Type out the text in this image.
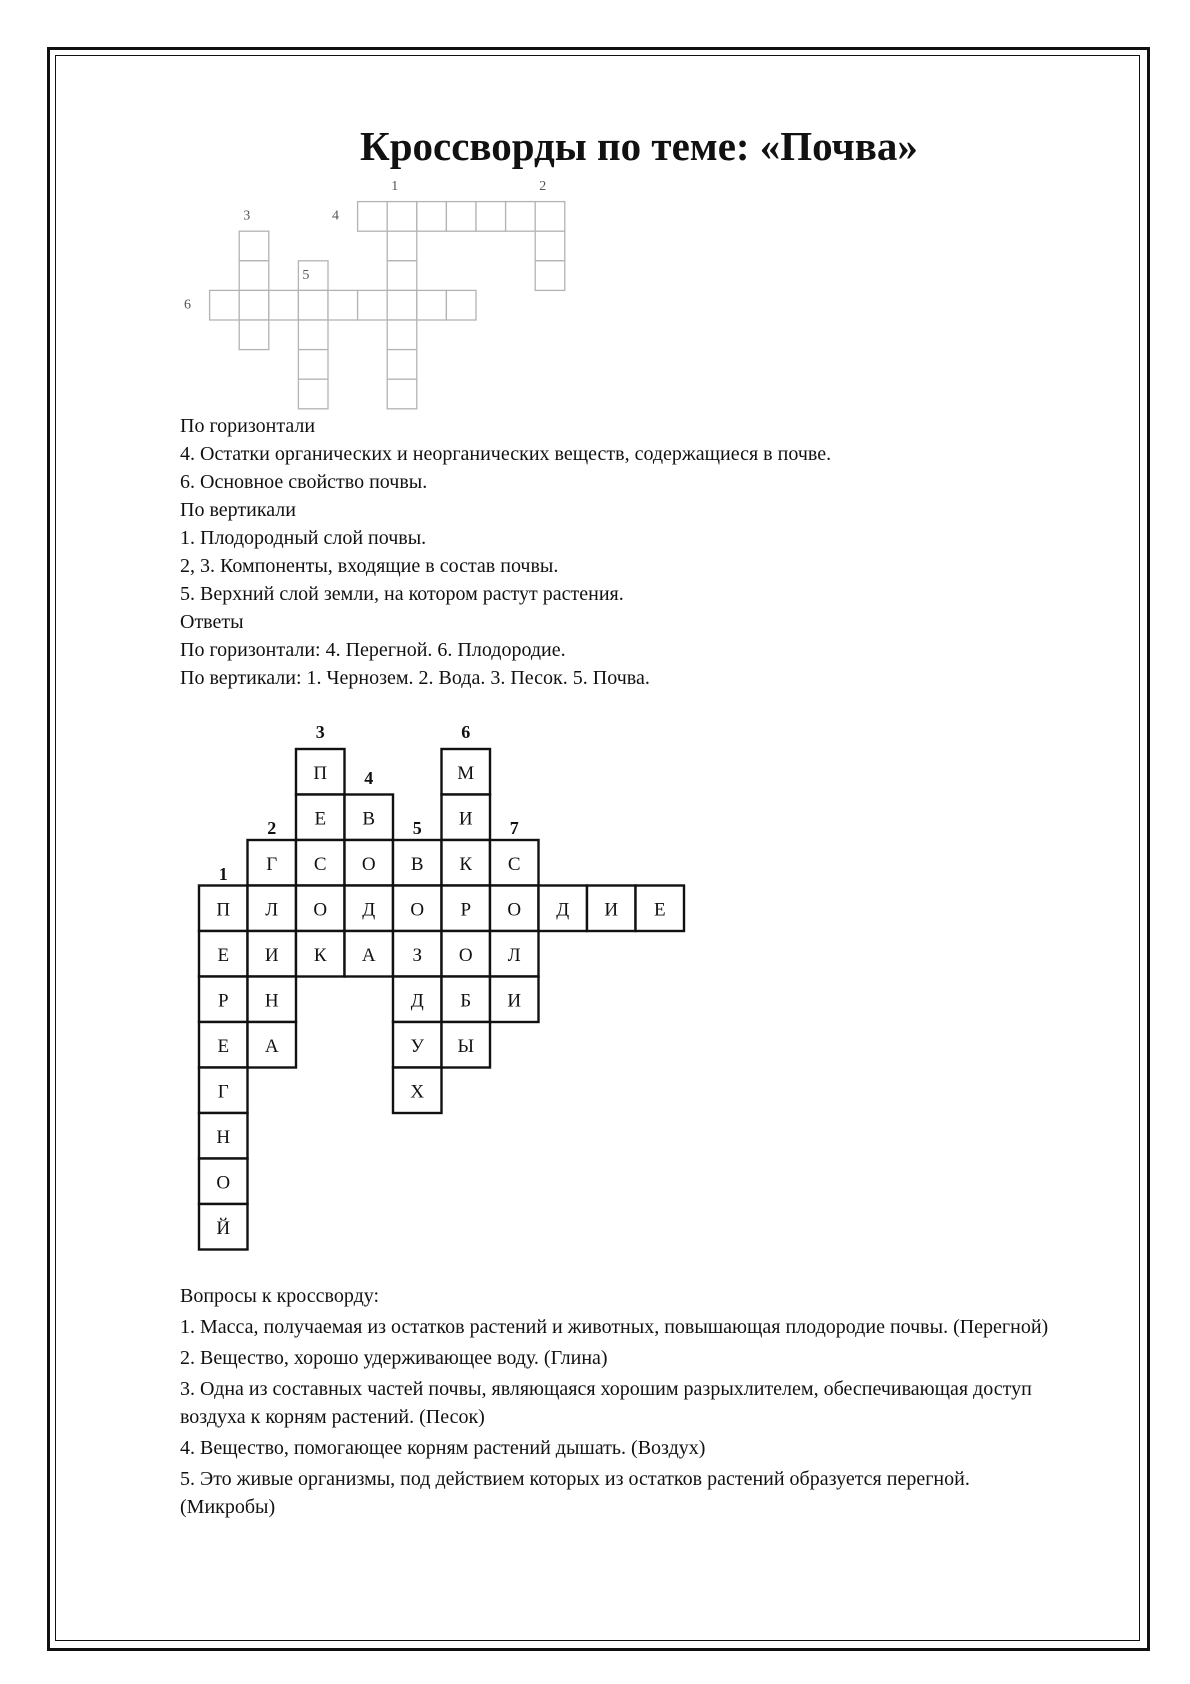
Кроссворды по теме: «Почва»
1	2
3	4
5
6
По горизонтали
4. Остатки органических и неорганических веществ, содержащиеся в почве.
6. Основное свойство почвы.
По вертикали
1. Плодородный слой почвы.
2, 3. Компоненты, входящие в состав почвы.
5. Верхний слой земли, на котором растут растения.
Ответы
По горизонтали: 4. Перегной. 6. Плодородие.
По вертикали: 1. Чернозем. 2. Вода. 3. Песок. 5. Почва.
П	М
Е В	И
Г С О В К С
П Л О Д О Р О Д И Е
Е И К А З О Л
Р Н	Д Б И
Е А	У Ы
Г	Х
Н
О
Й
3	6
4
2	5	7
1
Вопросы к кроссворду:
1. Масса, получаемая из остатков растений и животных, повышающая плодородие почвы. (Перегной)
2. Вещество, хорошо удерживающее воду. (Глина)
3. Одна из составных частей почвы, являющаяся хорошим разрыхлителем, обеспечивающая доступ воздуха к корням растений. (Песок)
4. Вещество, помогающее корням растений дышать. (Воздух)
5. Это живые организмы, под действием которых из остатков растений образуется перегной. (Микробы)
